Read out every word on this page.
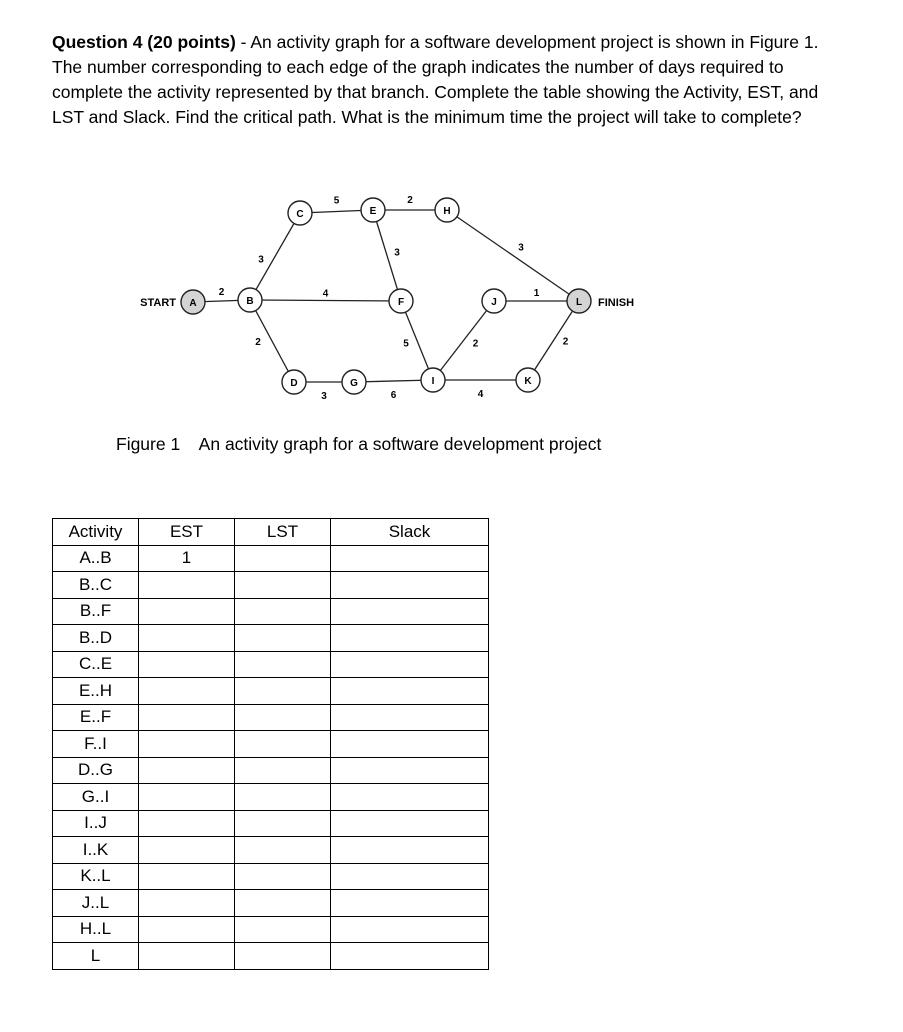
Question 4 (20 points) - An activity graph for a software development project is shown in Figure 1. The number corresponding to each edge of the graph indicates the number of days required to complete the activity represented by that branch. Complete the table showing the Activity, EST, and LST and Slack. Find the critical path. What is the minimum time the project will take to complete?
2
3
4
2
5	2
3
5
3	6
2
4
2
1
3
A	B
C
D
E
F
G
H
I
J
K
L
START	FINISH
Figure 1    An activity graph for a software development project
Activity	EST	LST	Slack
A..B	1		
B..C			
B..F			
B..D			
C..E			
E..H			
E..F			
F..I			
D..G			
G..I			
I..J			
I..K			
K..L			
J..L			
H..L			
L			
